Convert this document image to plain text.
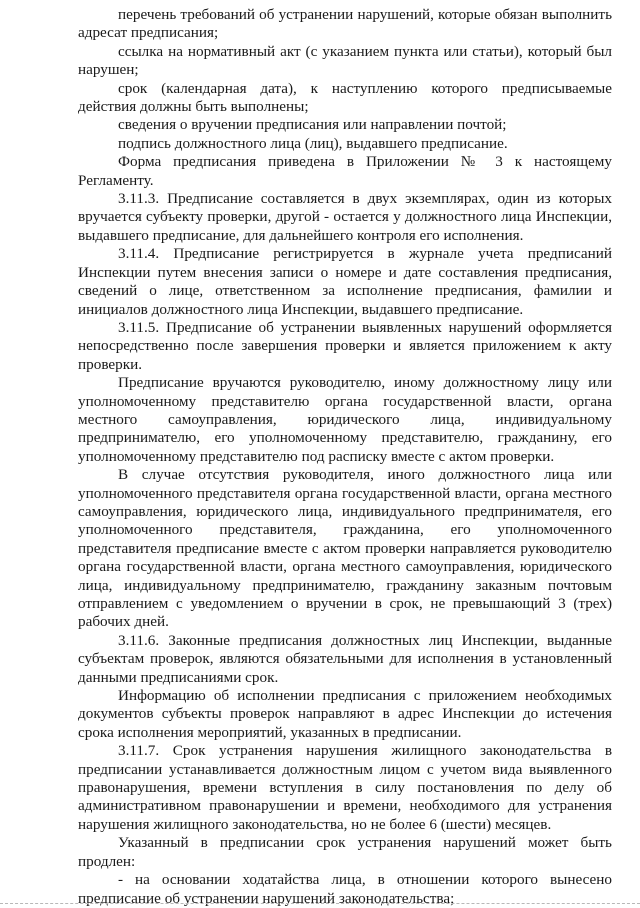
перечень требований об устранении нарушений, которые обязан выполнить адресат предписания;

ссылка на нормативный акт (с указанием пункта или статьи), который был нарушен;

срок (календарная дата), к наступлению которого предписываемые действия должны быть выполнены;

сведения о вручении предписания или направлении почтой;

подпись должностного лица (лиц), выдавшего предписание.

Форма предписания приведена в Приложении № 3 к настоящему Регламенту.

3.11.3. Предписание составляется в двух экземплярах, один из которых вручается субъекту проверки, другой - остается у должностного лица Инспекции, выдавшего предписание, для дальнейшего контроля его исполнения.

3.11.4. Предписание регистрируется в журнале учета предписаний Инспекции путем внесения записи о номере и дате составления предписания, сведений о лице, ответственном за исполнение предписания, фамилии и инициалов должностного лица Инспекции, выдавшего предписание.

3.11.5. Предписание об устранении выявленных нарушений оформляется непосредственно после завершения проверки и является приложением к акту проверки.

Предписание вручаются руководителю, иному должностному лицу или уполномоченному представителю органа государственной власти, органа местного самоуправления, юридического лица, индивидуальному предпринимателю, его уполномоченному представителю, гражданину, его уполномоченному представителю под расписку вместе с актом проверки.

В случае отсутствия руководителя, иного должностного лица или уполномоченного представителя органа государственной власти, органа местного самоуправления, юридического лица, индивидуального предпринимателя, его уполномоченного представителя, гражданина, его уполномоченного представителя предписание вместе с актом проверки направляется руководителю органа государственной власти, органа местного самоуправления, юридического лица, индивидуальному предпринимателю, гражданину заказным почтовым отправлением с уведомлением о вручении в срок, не превышающий 3 (трех) рабочих дней.

3.11.6. Законные предписания должностных лиц Инспекции, выданные субъектам проверок, являются обязательными для исполнения в установленный данными предписаниями срок.

Информацию об исполнении предписания с приложением необходимых документов субъекты проверок направляют в адрес Инспекции до истечения срока исполнения мероприятий, указанных в предписании.

3.11.7. Срок устранения нарушения жилищного законодательства в предписании устанавливается должностным лицом с учетом вида выявленного правонарушения, времени вступления в силу постановления по делу об административном правонарушении и времени, необходимого для устранения нарушения жилищного законодательства, но не более 6 (шести) месяцев.

Указанный в предписании срок устранения нарушений может быть продлен:

- на основании ходатайства лица, в отношении которого вынесено предписание об устранении нарушений законодательства;
